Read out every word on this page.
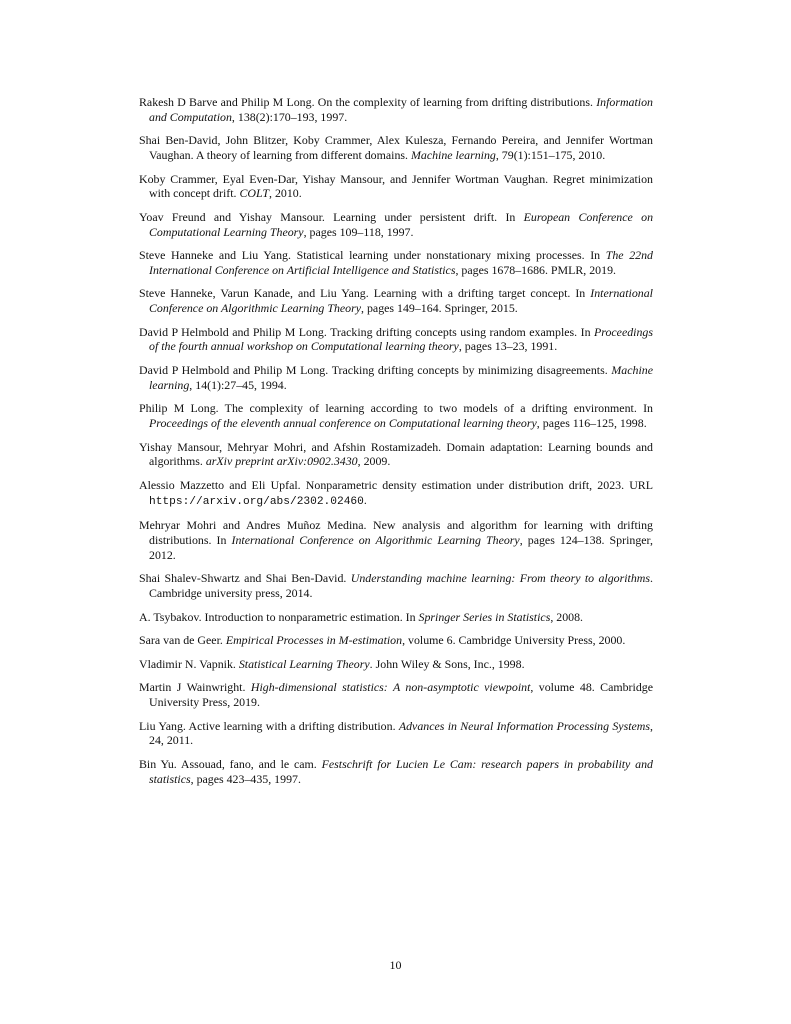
Rakesh D Barve and Philip M Long. On the complexity of learning from drifting distributions. Information and Computation, 138(2):170–193, 1997.

Shai Ben-David, John Blitzer, Koby Crammer, Alex Kulesza, Fernando Pereira, and Jennifer Wortman Vaughan. A theory of learning from different domains. Machine learning, 79(1):151–175, 2010.

Koby Crammer, Eyal Even-Dar, Yishay Mansour, and Jennifer Wortman Vaughan. Regret minimization with concept drift. COLT, 2010.

Yoav Freund and Yishay Mansour. Learning under persistent drift. In European Conference on Computational Learning Theory, pages 109–118, 1997.

Steve Hanneke and Liu Yang. Statistical learning under nonstationary mixing processes. In The 22nd International Conference on Artificial Intelligence and Statistics, pages 1678–1686. PMLR, 2019.

Steve Hanneke, Varun Kanade, and Liu Yang. Learning with a drifting target concept. In International Conference on Algorithmic Learning Theory, pages 149–164. Springer, 2015.

David P Helmbold and Philip M Long. Tracking drifting concepts using random examples. In Proceedings of the fourth annual workshop on Computational learning theory, pages 13–23, 1991.

David P Helmbold and Philip M Long. Tracking drifting concepts by minimizing disagreements. Machine learning, 14(1):27–45, 1994.

Philip M Long. The complexity of learning according to two models of a drifting environment. In Proceedings of the eleventh annual conference on Computational learning theory, pages 116–125, 1998.

Yishay Mansour, Mehryar Mohri, and Afshin Rostamizadeh. Domain adaptation: Learning bounds and algorithms. arXiv preprint arXiv:0902.3430, 2009.

Alessio Mazzetto and Eli Upfal. Nonparametric density estimation under distribution drift, 2023. URL https://arxiv.org/abs/2302.02460.

Mehryar Mohri and Andres Muñoz Medina. New analysis and algorithm for learning with drifting distributions. In International Conference on Algorithmic Learning Theory, pages 124–138. Springer, 2012.

Shai Shalev-Shwartz and Shai Ben-David. Understanding machine learning: From theory to algorithms. Cambridge university press, 2014.

A. Tsybakov. Introduction to nonparametric estimation. In Springer Series in Statistics, 2008.

Sara van de Geer. Empirical Processes in M-estimation, volume 6. Cambridge University Press, 2000.

Vladimir N. Vapnik. Statistical Learning Theory. John Wiley & Sons, Inc., 1998.

Martin J Wainwright. High-dimensional statistics: A non-asymptotic viewpoint, volume 48. Cambridge University Press, 2019.

Liu Yang. Active learning with a drifting distribution. Advances in Neural Information Processing Systems, 24, 2011.

Bin Yu. Assouad, fano, and le cam. Festschrift for Lucien Le Cam: research papers in probability and statistics, pages 423–435, 1997.

10
